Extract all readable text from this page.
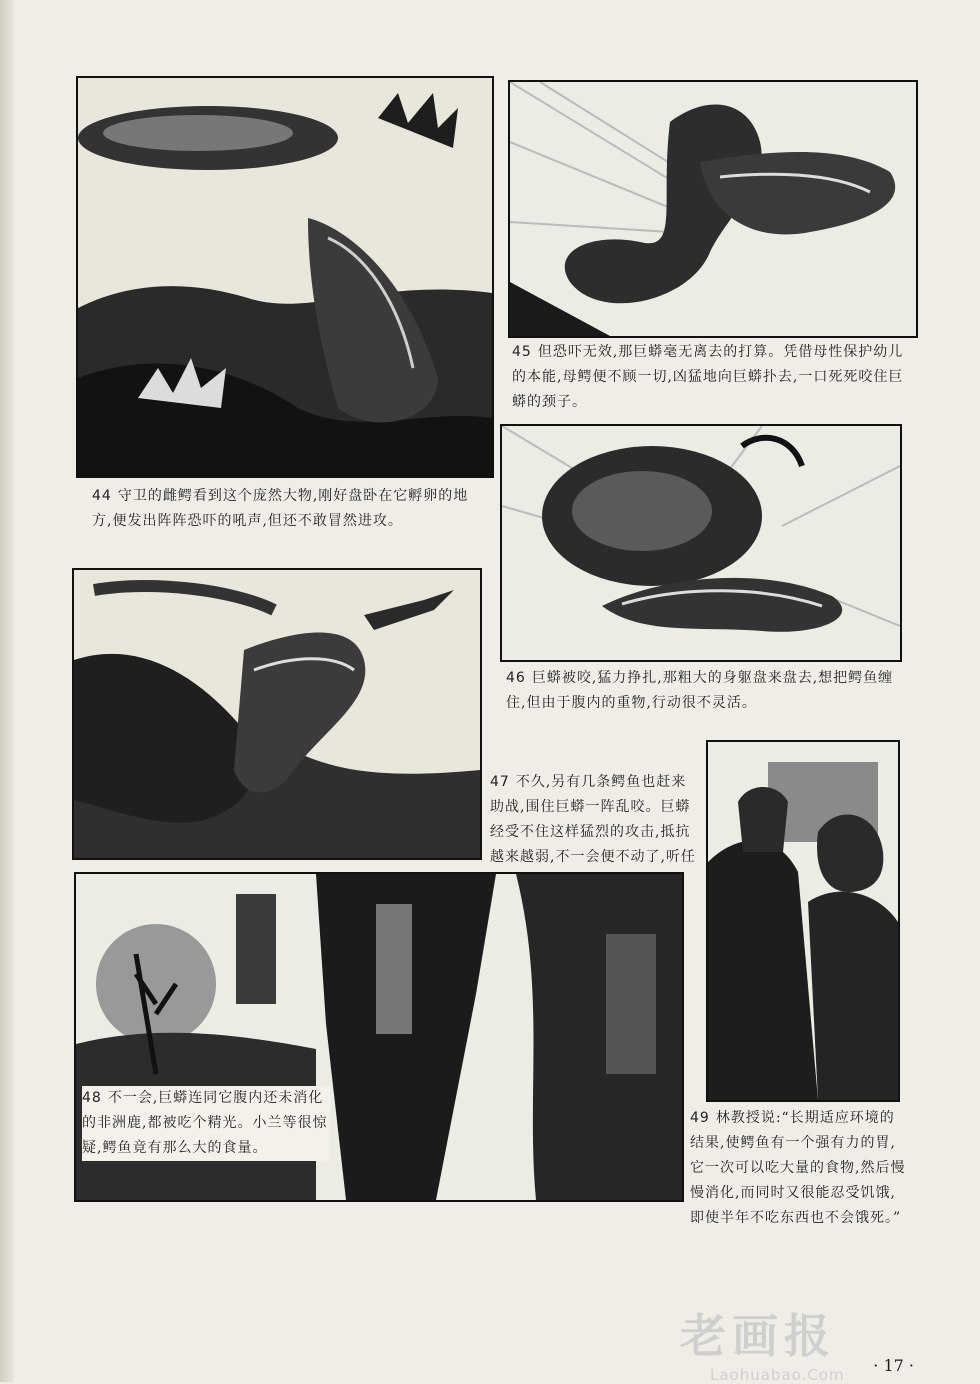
44 守卫的雌鳄看到这个庞然大物,刚好盘卧在它孵卵的地方,便发出阵阵恐吓的吼声,但还不敢冒然进攻。
45 但恐吓无效,那巨蟒毫无离去的打算。凭借母性保护幼儿的本能,母鳄便不顾一切,凶猛地向巨蟒扑去,一口死死咬住巨蟒的颈子。
46 巨蟒被咬,猛力挣扎,那粗大的身躯盘来盘去,想把鳄鱼缠住,但由于腹内的重物,行动很不灵活。
47 不久,另有几条鳄鱼也赶来助战,围住巨蟒一阵乱咬。巨蟒经受不住这样猛烈的攻击,抵抗越来越弱,不一会便不动了,听任
48 不一会,巨蟒连同它腹内还未消化的非洲鹿,都被吃个精光。小兰等很惊疑,鳄鱼竟有那么大的食量。
49 林教授说:“长期适应环境的结果,使鳄鱼有一个强有力的胃,它一次可以吃大量的食物,然后慢慢消化,而同时又很能忍受饥饿,即使半年不吃东西也不会饿死。”
老画报
Laohuabao.Com · 17 ·
